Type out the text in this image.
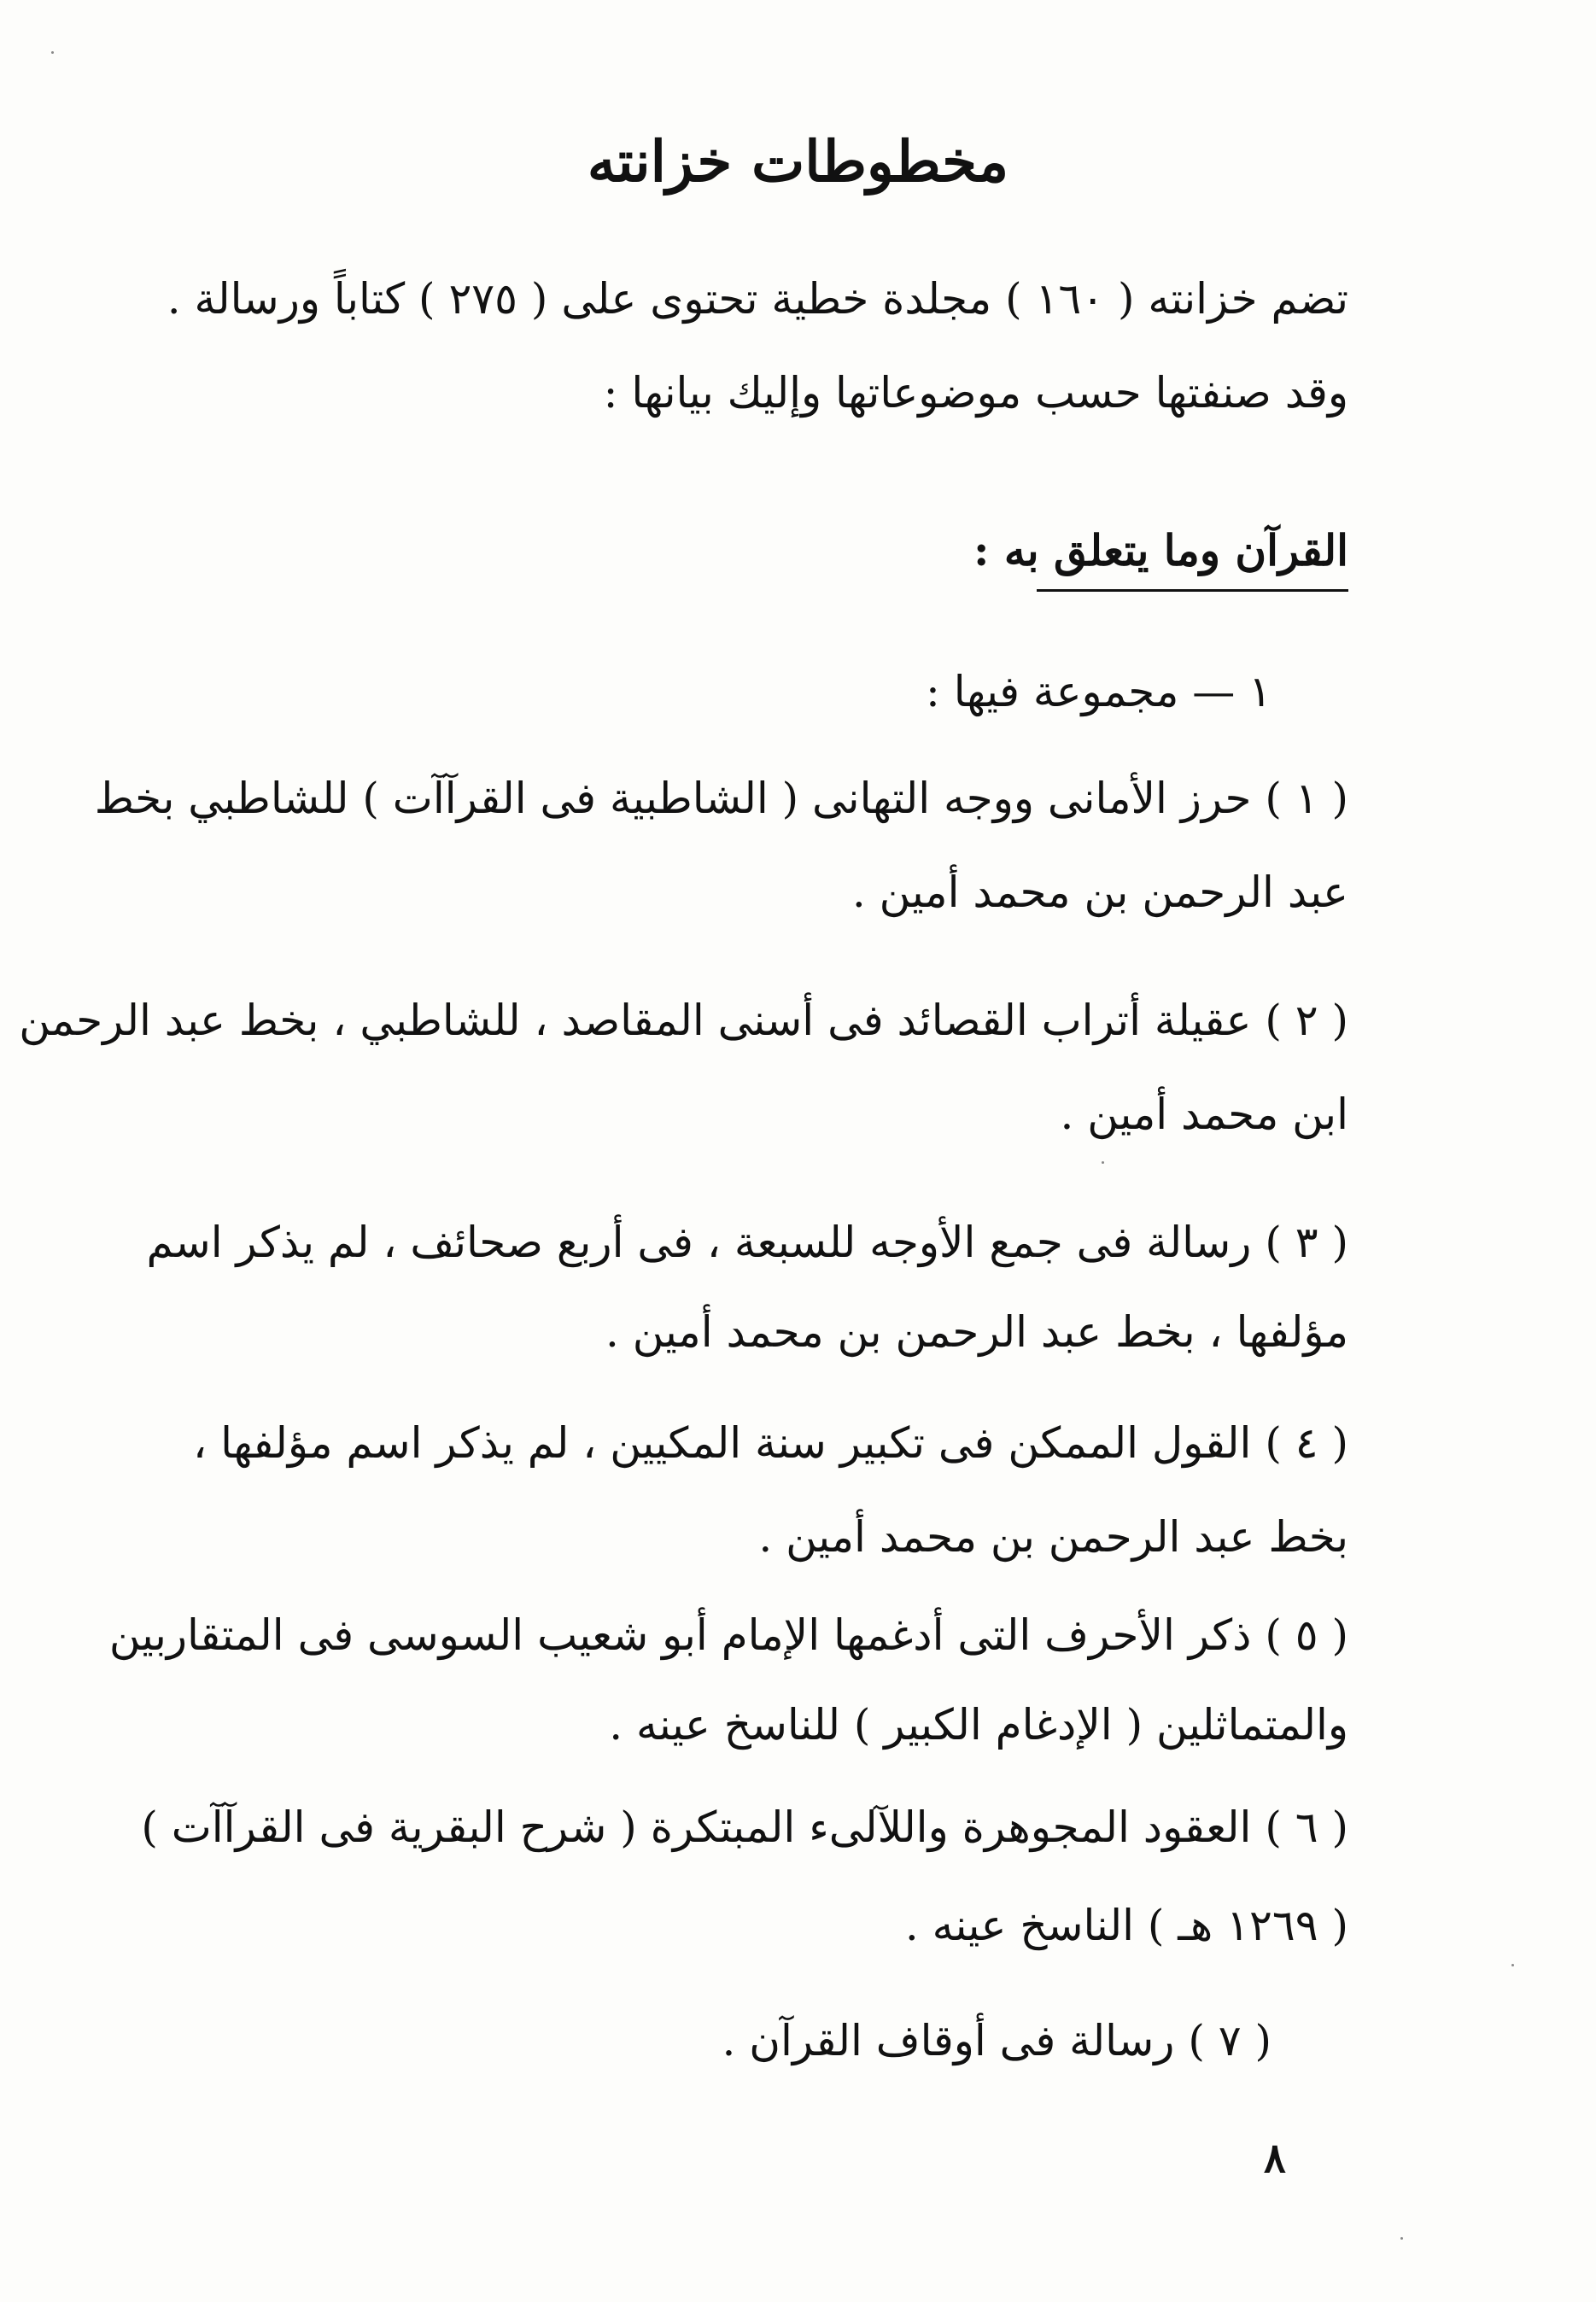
مخطوطات خزانته
تضم خزانته ( ١٦٠ ) مجلدة خطية تحتوى على ( ٢٧٥ ) كتاباً ورسالة .
وقد صنفتها حسب موضوعاتها وإليك بيانها :
القرآن وما يتعلق به :
١ — مجموعة فيها :
( ١ ) حرز الأمانى ووجه التهانى ( الشاطبية فى القرآآت ) للشاطبي بخط
عبد الرحمن بن محمد أمين .
( ٢ ) عقيلة أتراب القصائد فى أسنى المقاصد ، للشاطبي ، بخط عبد الرحمن
ابن محمد أمين .
( ٣ ) رسالة فى جمع الأوجه للسبعة ، فى أربع صحائف ، لم يذكر اسم
مؤلفها ، بخط عبد الرحمن بن محمد أمين .
( ٤ ) القول الممكن فى تكبير سنة المكيين ، لم يذكر اسم مؤلفها ،
بخط عبد الرحمن بن محمد أمين .
( ٥ ) ذكر الأحرف التى أدغمها الإمام أبو شعيب السوسى فى المتقاربين
والمتماثلين ( الإدغام الكبير ) للناسخ عينه .
( ٦ ) العقود المجوهرة واللآلىء المبتكرة ( شرح البقرية فى القرآآت )
( ١٢٦٩ هـ ) الناسخ عينه .
( ٧ ) رسالة فى أوقاف القرآن .
٨
